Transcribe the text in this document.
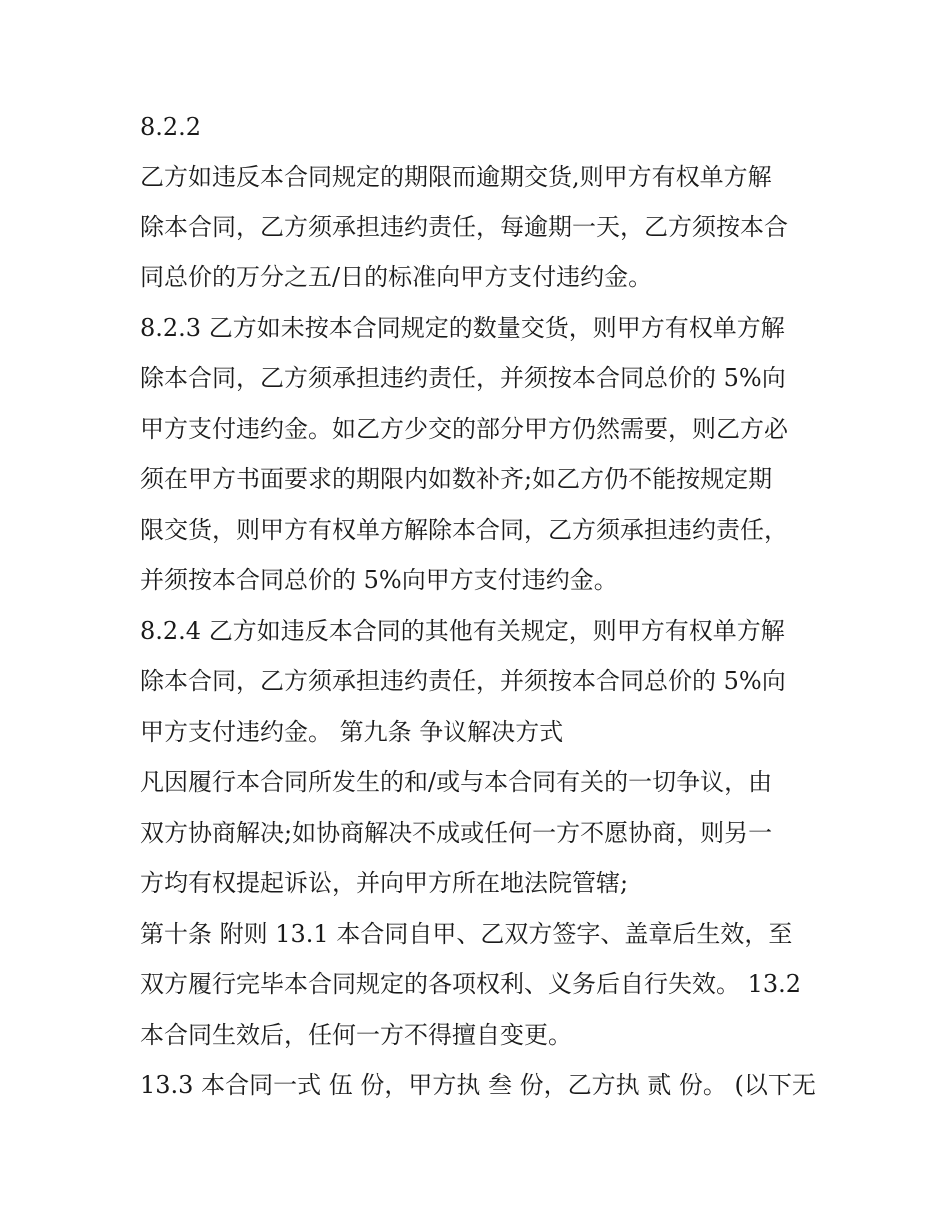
8.2.2
乙方如违反本合同规定的期限而逾期交货,则甲方有权单方解
除本合同，乙方须承担违约责任，每逾期一天，乙方须按本合
同总价的万分之五/日的标准向甲方支付违约金。
8.2.3 乙方如未按本合同规定的数量交货，则甲方有权单方解
除本合同，乙方须承担违约责任，并须按本合同总价的 5%向
甲方支付违约金。如乙方少交的部分甲方仍然需要，则乙方必
须在甲方书面要求的期限内如数补齐;如乙方仍不能按规定期
限交货，则甲方有权单方解除本合同，乙方须承担违约责任，
并须按本合同总价的 5%向甲方支付违约金。
8.2.4 乙方如违反本合同的其他有关规定，则甲方有权单方解
除本合同，乙方须承担违约责任，并须按本合同总价的 5%向
甲方支付违约金。 第九条 争议解决方式
凡因履行本合同所发生的和/或与本合同有关的一切争议，由
双方协商解决;如协商解决不成或任何一方不愿协商，则另一
方均有权提起诉讼，并向甲方所在地法院管辖;
第十条 附则 13.1 本合同自甲、乙双方签字、盖章后生效，至
双方履行完毕本合同规定的各项权利、义务后自行失效。 13.2
本合同生效后，任何一方不得擅自变更。
13.3 本合同一式 伍 份，甲方执 叁 份，乙方执 贰 份。 (以下无
